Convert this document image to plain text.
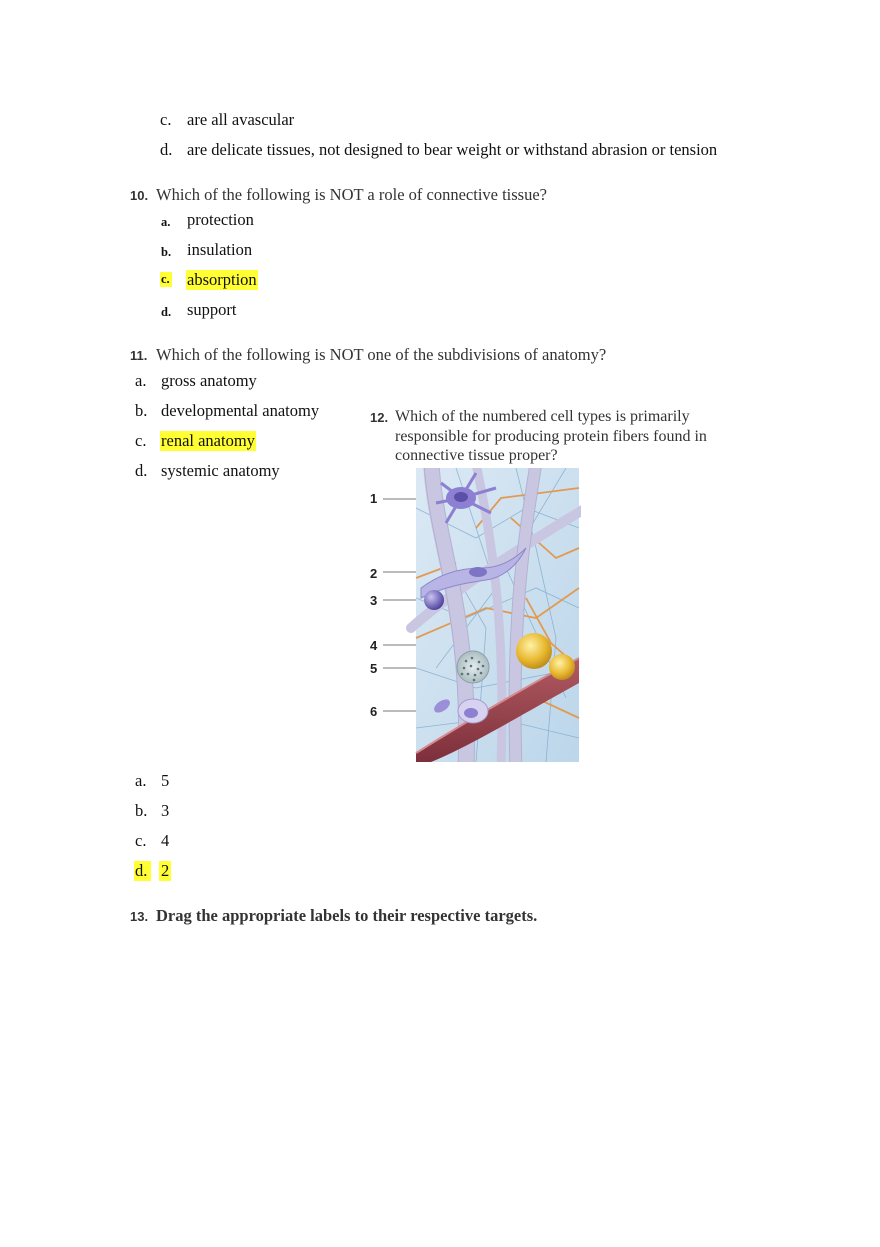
c. are all avascular
d. are delicate tissues, not designed to bear weight or withstand abrasion or tension
10. Which of the following is NOT a role of connective tissue?
a. protection
b. insulation
c. absorption
d. support
11. Which of the following is NOT one of the subdivisions of anatomy?
a. gross anatomy
b. developmental anatomy
c. renal anatomy
d. systemic anatomy
12. Which of the numbered cell types is primarily responsible for producing protein fibers found in connective tissue proper?
1
2
3
4
5
6
a. 5
b. 3
c. 4
d. 2
13. Drag the appropriate labels to their respective targets.
